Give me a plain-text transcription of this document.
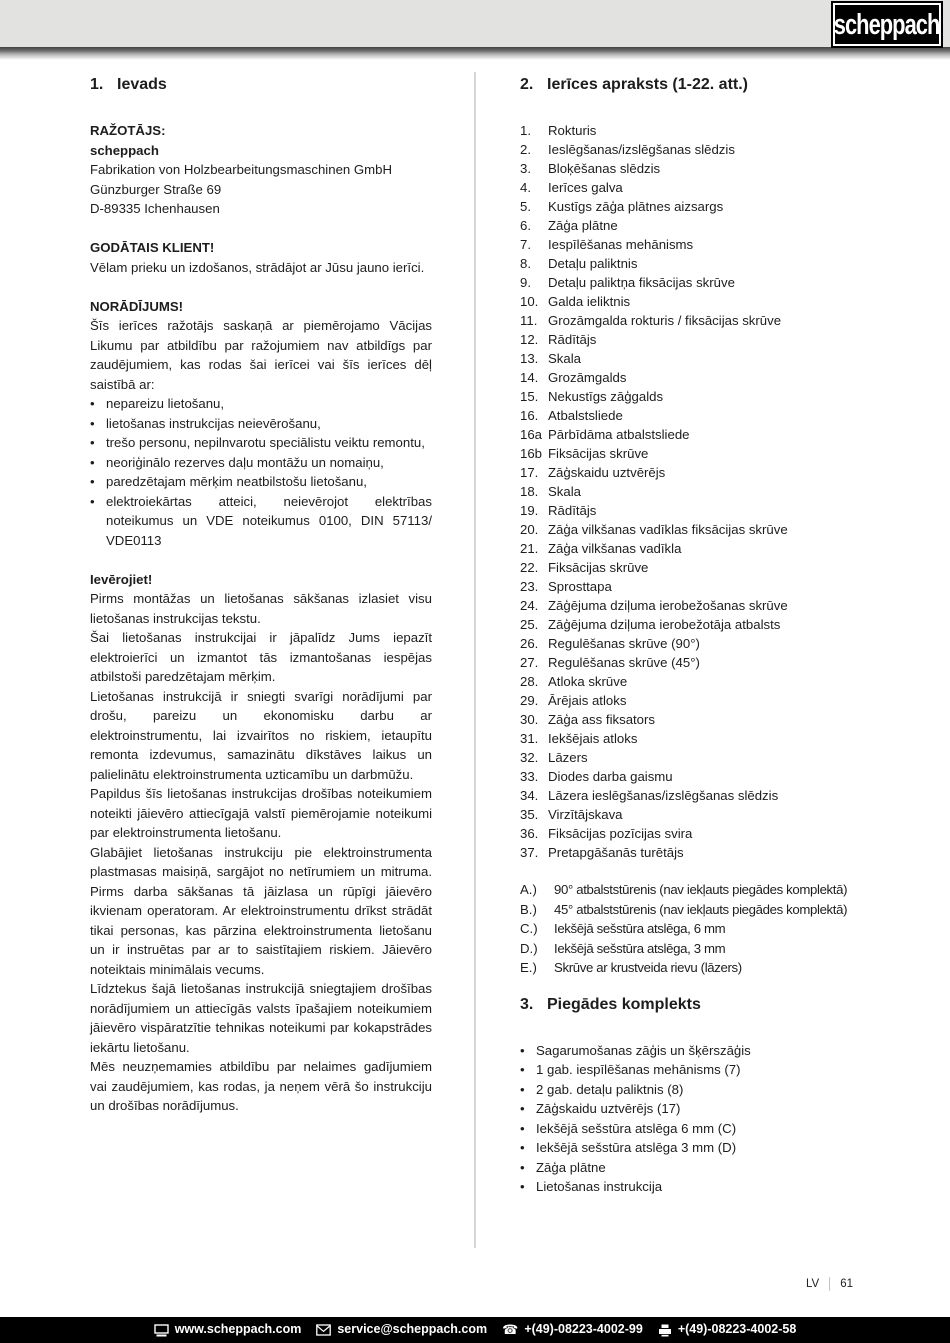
scheppach
1. Ievads
RAŽOTĀJS:
scheppach
Fabrikation von Holzbearbeitungsmaschinen GmbH
Günzburger Straße 69
D-89335 Ichenhausen
GODĀTAIS KLIENT!
Vēlam prieku un izdošanos, strādājot ar Jūsu jauno ierīci.
NORĀDĪJUMS!
Šīs ierīces ražotājs saskaņā ar piemērojamo Vācijas Likumu par atbildību par ražojumiem nav atbildīgs par zaudējumiem, kas rodas šai ierīcei vai šīs ierīces dēļ saistībā ar:
•
nepareizu lietošanu,
•
lietošanas instrukcijas neievērošanu,
•
trešo personu, nepilnvarotu speciālistu veiktu remontu,
•
neoriģinālo rezerves daļu montāžu un nomaiņu,
•
paredzētajam mērķim neatbilstošu lietošanu,
•
elektroiekārtas atteici, neievērojot elektrības noteikumus un VDE noteikumus 0100, DIN 57113/ VDE0113
Ievērojiet!
Pirms montāžas un lietošanas sākšanas izlasiet visu lietošanas instrukcijas tekstu.
Šai lietošanas instrukcijai ir jāpalīdz Jums iepazīt elektroierīci un izmantot tās izmantošanas iespējas atbilstoši paredzētajam mērķim.
Lietošanas instrukcijā ir sniegti svarīgi norādījumi par drošu, pareizu un ekonomisku darbu ar elektroinstrumentu, lai izvairītos no riskiem, ietaupītu remonta izdevumus, samazinātu dīkstāves laikus un palielinātu elektroinstrumenta uzticamību un darbmūžu.
Papildus šīs lietošanas instrukcijas drošības noteikumiem noteikti jāievēro attiecīgajā valstī piemērojamie noteikumi par elektroinstrumenta lietošanu.
Glabājiet lietošanas instrukciju pie elektroinstrumenta plastmasas maisiņā, sargājot no netīrumiem un mitruma. Pirms darba sākšanas tā jāizlasa un rūpīgi jāievēro ikvienam operatoram. Ar elektroinstrumentu drīkst strādāt tikai personas, kas pārzina elektroinstrumenta lietošanu un ir instruētas par ar to saistītajiem riskiem. Jāievēro noteiktais minimālais vecums.
Līdztekus šajā lietošanas instrukcijā sniegtajiem drošības norādījumiem un attiecīgās valsts īpašajiem noteikumiem jāievēro vispāratzītie tehnikas noteikumi par kokapstrādes iekārtu lietošanu.
Mēs neuzņemamies atbildību par nelaimes gadījumiem vai zaudējumiem, kas rodas, ja neņem vērā šo instrukciju un drošības norādījumus.
2. Ierīces apraksts (1-22. att.)
1.	Rokturis
2.	Ieslēgšanas/izslēgšanas slēdzis
3.	Bloķēšanas slēdzis
4.	Ierīces galva
5.	Kustīgs zāģa plātnes aizsargs
6.	Zāģa plātne
7.	Iespīlēšanas mehānisms
8.	Detaļu paliktnis
9.	Detaļu paliktņa fiksācijas skrūve
10. Galda ieliktnis
11. Grozāmgalda rokturis / fiksācijas skrūve
12. Rādītājs
13. Skala
14. Grozāmgalds
15. Nekustīgs zāģgalds
16. Atbalstsliede
16a Pārbīdāma atbalstsliede
16b Fiksācijas skrūve
17. Zāģskaidu uztvērējs
18. Skala
19. Rādītājs
20. Zāģa vilkšanas vadīklas fiksācijas skrūve
21. Zāģa vilkšanas vadīkla
22. Fiksācijas skrūve
23. Sprosttapa
24. Zāģējuma dziļuma ierobežošanas skrūve
25. Zāģējuma dziļuma ierobežotāja atbalsts
26. Regulēšanas skrūve (90°)
27. Regulēšanas skrūve (45°)
28. Atloka skrūve
29. Ārējais atloks
30. Zāģa ass fiksators
31. Iekšējais atloks
32. Lāzers
33. Diodes darba gaismu
34. Lāzera ieslēgšanas/izslēgšanas slēdzis
35. Virzītājskava
36. Fiksācijas pozīcijas svira
37. Pretapgāšanās turētājs
A.)	90° atbalststūrenis (nav iekļauts piegādes komplektā)
B.)	45° atbalststūrenis (nav iekļauts piegādes komplektā)
C.)	Iekšējā sešstūra atslēga, 6 mm
D.)	Iekšējā sešstūra atslēga, 3 mm
E.)	Skrūve ar krustveida rievu (lāzers)
3. Piegādes komplekts
•
Sagarumošanas zāģis un šķērszāģis
•
1 gab. iespīlēšanas mehānisms (7)
•
2 gab. detaļu paliktnis (8)
•
Zāģskaidu uztvērējs (17)
•
Iekšējā sešstūra atslēga 6 mm (C)
•
Iekšējā sešstūra atslēga 3 mm (D)
•
Zāģa plātne
•
Lietošanas instrukcija
LV 61
www.scheppach.com	service@scheppach.com ☎ +(49)-08223-4002-99	+(49)-08223-4002-58
